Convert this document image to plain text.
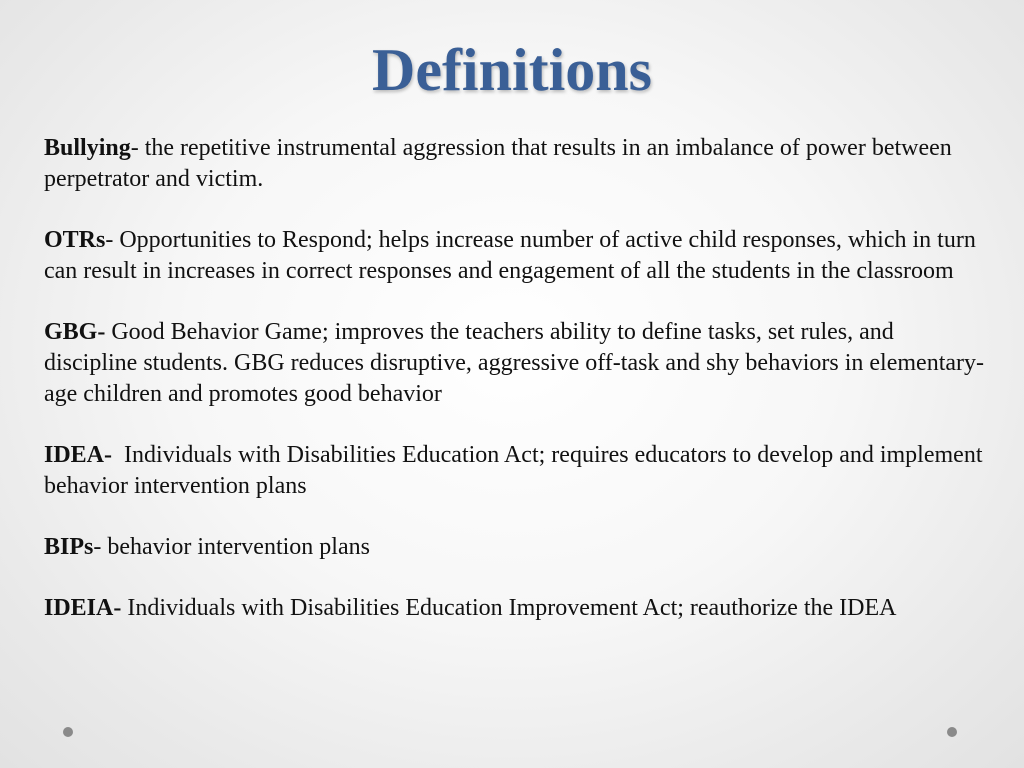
Definitions

Bullying- the repetitive instrumental aggression that results in an imbalance of power between perpetrator and victim.

OTRs- Opportunities to Respond; helps increase number of active child responses, which in turn can result in increases in correct responses and engagement of all the students in the classroom

GBG- Good Behavior Game; improves the teachers ability to define tasks, set rules, and discipline students. GBG reduces disruptive, aggressive off-task and shy behaviors in elementary-age children and promotes good behavior

IDEA-  Individuals with Disabilities Education Act; requires educators to develop and implement behavior intervention plans

BIPs- behavior intervention plans

IDEIA- Individuals with Disabilities Education Improvement Act; reauthorize the IDEA
